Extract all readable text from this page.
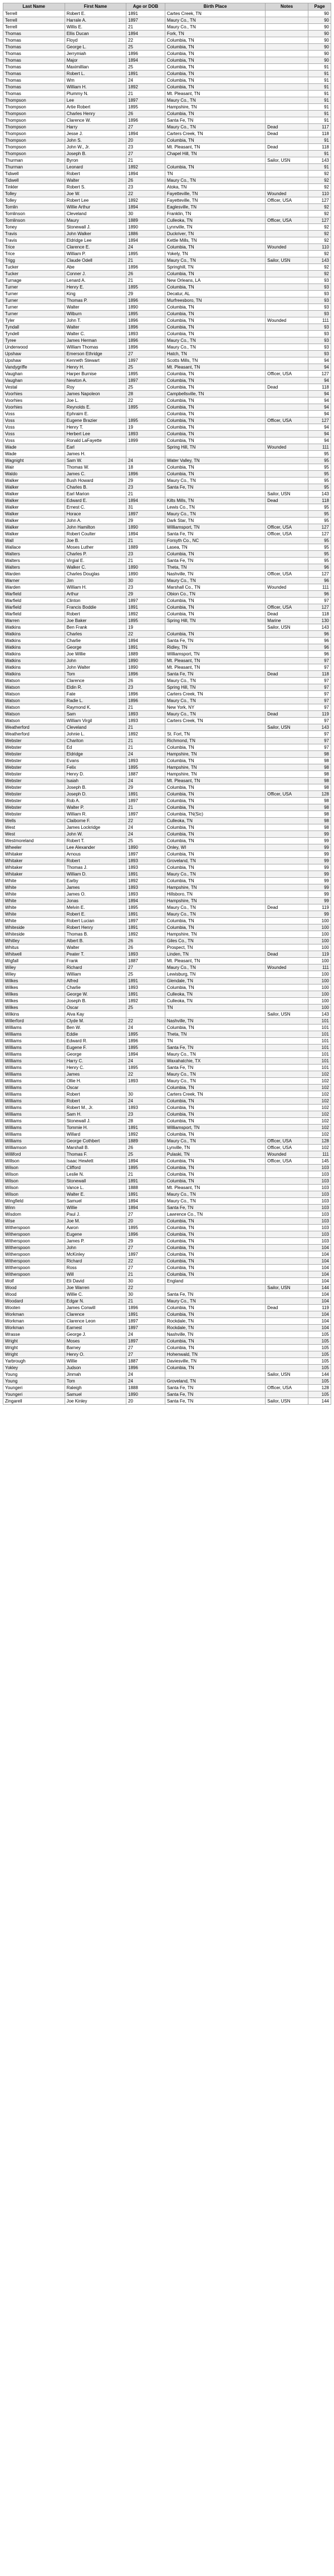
Last Name	First Name	Age or DOB	Birth Place	Notes	Page
Terrell	Robert E.	1891	Cartes Creek, TN		90
Terrell	Harrale A.	1897	Maury Co., TN		90
Terrell	Willis E.	21	Maury Co., TN		90
Thomas	Ellis Ducan	1894	Fork, TN		90
Thomas	Floyd	22	Columbia, TN		90
Thomas	George L.	25	Columbia, TN		90
Thomas	Jerrymiah	1896	Columbia, TN		90
Thomas	Major	1894	Columbia, TN		90
Thomas	Maximillian	25	Columbia, TN		91
Thomas	Robert L.	1891	Columbia, TN		91
Thomas	Wm	24	Columbia, TN		91
Thomas	William H.	1892	Columbia, TN		91
Thomas	Plummy N.	21	Mt. Pleasant, TN		91
Thompson	Lee	1897	Maury Co., TN		91
Thompson	Artie Robert	1895	Hampshire, TN		91
Thompson	Charles Henry	26	Columbia, TN		91
Thompson	Clarence W.	1896	Santa Fe, TN		91
Thompson	Harry	27	Maury Co., TN	Dead	117
Thompson	Jesse J.	1894	Carters Creek, TN	Dead	118
Thompson	John S.	20	Columbia, TN		91
Thompson	John W., Jr.	23	Mt. Pleasant, TN	Dead	118
Thompson	Joseph B.	27	Chapel Hill, TN		91
Thurman	Byron	21		Sailor, USN	143
Thurman	Leonard	1892	Columbia, TN		91
Tidwell	Robert	1894	TN		92
Tidwell	Walter	26	Maury Co., TN		92
Tinkler	Robert S.	23	Atoka, TN		92
Tolley	Joe W.	22	Fayetteville, TN	Wounded	110
Tolley	Robert Lee	1892	Fayetteville, TN	Officer, USA	127
Tomlin	Willie Arthur	1894	Eaglesville, TN		92
Tomlinson	Cleveland	30	Franklin, TN		92
Tomlinson	Maury	1889	Culleoka, TN	Officer, USA	127
Toney	Stonewall J.	1890	Lynnville, TN		92
Travis	John Walker	1886	Duckriver, TN		92
Travis	Eldridge Lee	1894	Kettle Mills, TN		92
Trice	Clarence E.	24	Columbia, TN	Wounded	110
Trice	William P.	1895	Yokely, TN		92
Trigg	Claude Odell	21	Maury Co., TN	Sailor, USN	143
Tucker	Abe	1896	Springhill, TN		92
Tucker	Conner J.	26	Columbia, TN		92
Turnage	Lenard A.	21	New Orleans, LA		93
Turner	Henry E.	1895	Columbia, TN		93
Turner	King	29	Decatur, AL		93
Turner	Thomas P.	1896	Murfreesboro, TN		93
Turner	Walter	1890	Columbia, TN		93
Turner	Wilburn	1895	Columbia, TN		93
Tyler	John T.	1896	Columbia, TN	Wounded	111
Tyndall	Walter	1896	Columbia, TN		93
Tyndell	Walter C.	1893	Columbia, TN		93
Tyree	James Herman	1896	Maury Co., TN		93
Underwood	William Thomas	1896	Maury Co., TN		93
Upshaw	Emerson Ethridge	27	Hatch, TN		93
Upshaw	Kenneth Stewart	1897	Scotts Mills, TN		94
Vandygriffe	Henry H.	25	Mt. Pleasant, TN		94
Vaughan	Harper Burnise	1895	Columbia, TN	Officer, USA	127
Vaughan	Newton A.	1897	Columbia, TN		94
Vestal	Roy	25	Columbia, TN	Dead	118
Voorhies	James Napoleon	28	Campbellsville, TN		94
Voorhies	Joe L.	22	Columbia, TN		94
Voorhies	Reynolds E.	1895	Columbia, TN		94
Voss	Ephraim E.		Columbia, TN		94
Voss	Eugene Brazier	1895	Columbia, TN	Officer, USA	127
Voss	Henry T.	19	Columbia, TN		94
Voss	Herbert Lee	1893	Columbia, TN		94
Voss	Ronald LaFayette	1899	Columbia, TN		94
Wade	Earl		Spring Hill, TN	Wounded	111
Wade	James H.				95
Wagnight	Sam W.	24	Water Valley, TN		95
Wair	Thomas W.	18	Columbia, TN		95
Waldo	James C.	1896	Columbia, TN		95
Walker	Bush Howard	29	Maury Co., TN		95
Walker	Charles B.	23	Santa Fe, TN		95
Walker	Earl Marion	21		Sailor, USN	143
Walker	Edward E.	1894	Kilts Mills, TN	Dead	118
Walker	Ernest C.	31	Lewis Co., TN		95
Walker	Horace	1897	Maury Co., TN		95
Walker	John A.	29	Dark Star, TN		95
Walker	John Hamilton	1890	Williamsport, TN	Officer, USA	127
Walker	Robert Coulter	1894	Santa Fe, TN	Officer, USA	127
Wall	Joe B.	21	Forsyth Co., NC		95
Wallace	Moses Luther	1889	Lasea, TN		95
Walters	Charles P.	23	Columbia, TN		95
Walters	Virgial E.	21	Santa Fe, TN		95
Walters	Walker C.	1890	Theta, TN		96
Warden	Charles Douglas	1890	Nashville, TN	Officer, USA	127
Warner	Jim	30	Maury Co., TN		96
Warden	William H.	23	Marshall Co., TN	Wounded	111
Warfield	Arthur	29	Obion Co., TN		96
Warfield	Clinton	1897	Columbia, TN		97
Warfield	Francis Boddie	1891	Columbia, TN	Officer, USA	127
Warfield	Robert	1892	Columbia, TN	Dead	118
Warren	Joe Baker	1895	Spring Hill, TN	Marine	130
Watkins	Ben Frank	19		Sailor, USN	143
Watkins	Charles	22	Columbia, TN		96
Watkins	Charlie	1894	Santa Fe, TN		96
Watkins	George	1891	Ridley, TN		96
Watkins	Joe Willie	1889	Williamsport, TN		96
Watkins	John	1890	Mt. Pleasant, TN		97
Watkins	John Walter	1890	Mt. Pleasant, TN		97
Watkins	Tom	1896	Santa Fe, TN	Dead	118
Watson	Clarence	26	Maury Co., TN		97
Watson	Eldin R.	23	Spring Hill, TN		97
Watson	Fate	1896	Carters Creek, TN		97
Watson	Radie L.	1896	Maury Co., TN		97
Watson	Raymond K.	21	New York, NY		97
Watson	Sam	1893	Maury Co., TN	Dead	119
Watson	William Virgil	1893	Carters Creek, TN		97
Weatherford	Cleveland	21		Sailor, USN	143
Weatherford	Johnie L.	1892	St. Fort, TN		97
Webster	Chariton	21	Richmond, TN		97
Webster	Ed	21	Columbia, TN		97
Webster	Eldridge	24	Hampshire, TN		98
Webster	Evans	1893	Columbia, TN		98
Webster	Felix	1895	Hampshire, TN		98
Webster	Henry D.	1887	Hampshire, TN		98
Webster	Isaiah	24	Mt. Pleasant, TN		98
Webster	Joseph B.	29	Columbia, TN		98
Webster	Joseph D.	1891	Columbia, TN	Officer, USA	128
Webster	Rob A.	1897	Columbia, TN		98
Webster	Walter P.	21	Columbia, TN		98
Webster	William R.	1897	Columbia, TN(Sic)		98
Wells	Claiborne F.	22	Culleoka, TN		98
West	James Lockridge	24	Columbia, TN		98
West	John W.	24	Columbia, TN		99
Westmoreland	Robert T.	25	Columbia, TN		99
Wheeler	Lee Alexander	1890	Onley, WI		99
Whitaker	Arnous	1897	Columbia, TN		99
Whitaker	Robert	1893	Groveland, TN		99
Whitaker	Thomas J.	1893	Columbia, TN		99
Whitaker	William D.	1891	Maury Co., TN		99
White	Earby	1892	Columbia, TN		99
White	James	1893	Hampshire, TN		99
White	James O.	1893	Hillsboro, TN		99
White	Jonas	1894	Hampshire, TN		99
White	Melvin E.	1895	Maury Co., TN	Dead	119
White	Robert E.	1891	Maury Co., TN		99
White	Robert Lucian	1897	Columbia, TN		100
Whiteside	Robert Henry	1891	Columbia, TN		100
Whiteside	Thomas B.	1892	Hampshire, TN		100
Whitley	Albert B.	26	Giles Co., TN		100
Whitus	Walter	26	Prospect, TN		100
Whitwell	Peater T.	1893	Linden, TN	Dead	119
Wigfall	Frank	1887	Mt. Pleasant, TN		100
Wiley	Richard	27	Maury Co., TN	Wounded	111
Wiley	William	25	Lewisburg, TN		100
Wilkes	Alfred	1891	Glendale, TN		100
Wilkes	Charlie	1893	Columbia, TN		100
Wilkes	George W.	1891	Culleoka, TN		100
Wilkes	Joseph B.	1892	Culleoka, TN		100
Wilkes	Oscar	25	TN		100
Wilkins	Alva Kay			Sailor, USN	143
Willerford	Clyde M.	22	Nashville, TN		101
Williams	Ben W.	24	Columbia, TN		101
Williams	Eddie	1895	Theta, TN		101
Williams	Edward R.	1896	TN		101
Williams	Eugene F.	1895	Santa Fe, TN		101
Williams	George	1894	Maury Co., TN		101
Williams	Harry C.	24	Waxahatchie, TX		101
Williams	Henry C.	1895	Santa Fe, TN		101
Williams	James	22	Maury Co., TN		102
Williams	Ollie H.	1893	Maury Co., TN		102
Williams	Oscar		Columbia, TN		102
Williams	Robert	30	Carters Creek, TN		102
Williams	Robert	24	Columbia, TN		102
Williams	Robert M., Jr.	1893	Columbia, TN		102
Williams	Sam H.	23	Columbia, TN		102
Williams	Stonewall J.	28	Columbia, TN		102
Williams	Tommie H.	1891	Williamsport, TN		102
Williams	Willard	1892	Columbia, TN		102
Williams	George Cothbert	1889	Maury Co., TN	Officer, USA	128
Williamson	Marshall B.	26	Lynville, TN	Officer, USA	102
Williford	Thomas F.	25	Pulaski, TN	Wounded	111
Willson	Isaac Hewlett	1894	Columbia, TN	Officer, USA	145
Wilson	Clifford	1895	Columbia, TN		103
Wilson	Leslie N.	21	Columbia, TN		103
Wilson	Stonewall	1891	Columbia, TN		103
Wilson	Vance L.	1888	Mt. Pleasant, TN		103
Wilson	Walter E.	1891	Maury Co., TN		103
Wingfield	Samuel	1894	Maury Co., TN		103
Winn	Willie	1894	Santa Fe, TN		103
Wisdom	Paul J.	27	Lawrence Co., TN		103
Wise	Joe M.	20	Columbia, TN		103
Witherspoon	Aaron	1895	Columbia, TN		103
Witherspoon	Eugene	1896	Columbia, TN		103
Witherspoon	James P.	29	Columbia, TN		103
Witherspoon	John	27	Columbia, TN		104
Witherspoon	McKinley	1897	Columbia, TN		104
Witherspoon	Richard	22	Columbia, TN		104
Witherspoon	Ross	27	Columbia, TN		104
Witherspoon	Will	21	Columbia, TN		104
Wolf	Eli David	30	England		104
Wood	Joe Warren	22		Sailor, USN	144
Wood	Willie C.	30	Santa Fe, TN		104
Woodard	Edgar N.	21	Maury Co., TN		104
Wooten	James Conwill	1896	Columbia, TN	Dead	119
Workman	Clarence	1891	Columbia, TN		104
Workman	Clarence Leon	1897	Rockdale, TN		104
Workman	Earnest	1897	Rockdale, TN		104
Wrasse	George J.	24	Nashville, TN		105
Wright	Moses	1897	Columbia, TN		105
Wright	Barney	27	Columbia, TN		105
Wright	Henry O.	27	Hohenwald, TN		105
Yarbrough	Willie	1887	Daviesville, TN		105
Yokley	Judson	1896	Columbia, TN		105
Young	Jinmah	24		Sailor, USN	144
Young	Tom	24	Groveland, TN		105
Youngeri	Raleigh	1888	Santa Fe, TN	Officer, USA	128
Youngeri	Samuel	1890	Santa Fe, TN		105
Zingarell	Joe Kinley	20	Santa Fe, TN	Sailor, USN	144
